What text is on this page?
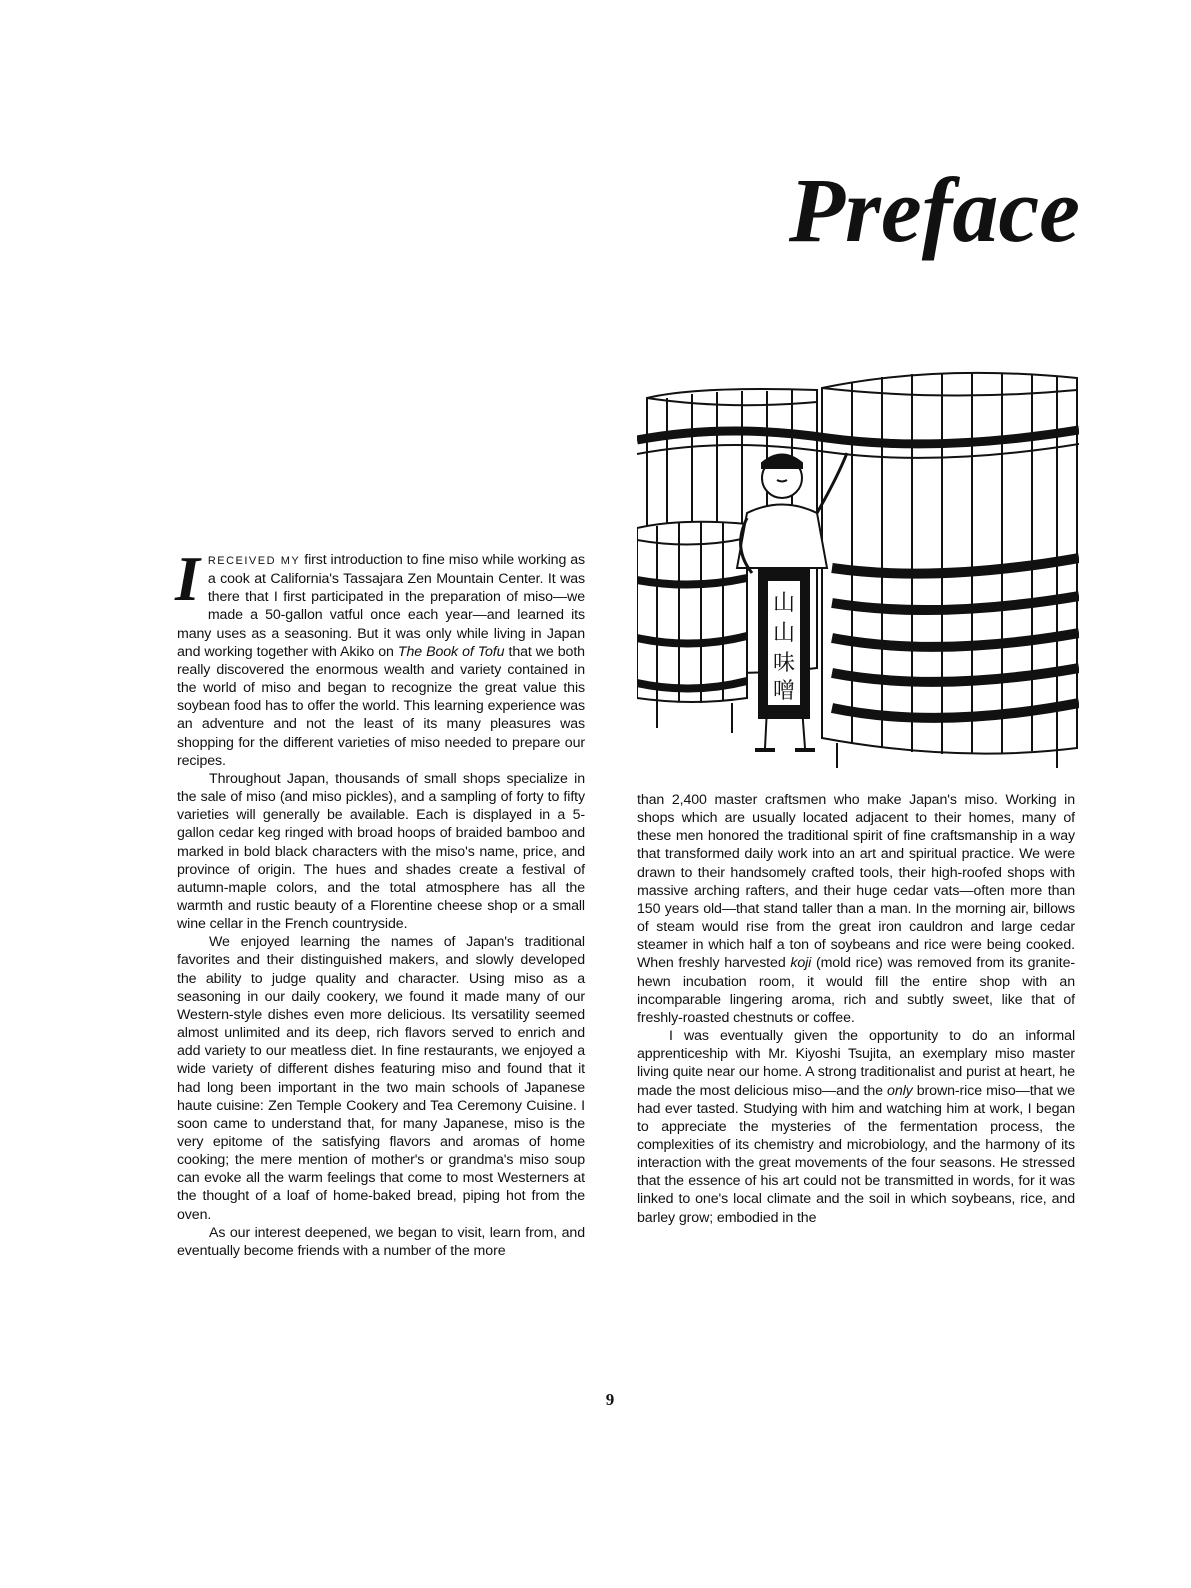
Preface
山
山
味
噌

IRECEIVED MY first introduction to fine miso while working as a cook at California's Tassajara Zen Mountain Center. It was there that I first participated in the preparation of miso—we made a 50-gallon vatful once each year—and learned its many uses as a seasoning. But it was only while living in Japan and working together with Akiko on The Book of Tofu that we both really discovered the enormous wealth and variety contained in the world of miso and began to recognize the great value this soybean food has to offer the world. This learning experience was an adventure and not the least of its many pleasures was shopping for the different varieties of miso needed to prepare our recipes.

Throughout Japan, thousands of small shops specialize in the sale of miso (and miso pickles), and a sampling of forty to fifty varieties will generally be available. Each is displayed in a 5-gallon cedar keg ringed with broad hoops of braided bamboo and marked in bold black characters with the miso's name, price, and province of origin. The hues and shades create a festival of autumn-maple colors, and the total atmosphere has all the warmth and rustic beauty of a Florentine cheese shop or a small wine cellar in the French countryside.

We enjoyed learning the names of Japan's traditional favorites and their distinguished makers, and slowly developed the ability to judge quality and character. Using miso as a seasoning in our daily cookery, we found it made many of our Western-style dishes even more delicious. Its versatility seemed almost unlimited and its deep, rich flavors served to enrich and add variety to our meatless diet. In fine restaurants, we enjoyed a wide variety of different dishes featuring miso and found that it had long been important in the two main schools of Japanese haute cuisine: Zen Temple Cookery and Tea Ceremony Cuisine. I soon came to understand that, for many Japanese, miso is the very epitome of the satisfying flavors and aromas of home cooking; the mere mention of mother's or grandma's miso soup can evoke all the warm feelings that come to most Westerners at the thought of a loaf of home-baked bread, piping hot from the oven.

As our interest deepened, we began to visit, learn from, and eventually become friends with a number of the more

than 2,400 master craftsmen who make Japan's miso. Working in shops which are usually located adjacent to their homes, many of these men honored the traditional spirit of fine craftsmanship in a way that transformed daily work into an art and spiritual practice. We were drawn to their handsomely crafted tools, their high-roofed shops with massive arching rafters, and their huge cedar vats—often more than 150 years old—that stand taller than a man. In the morning air, billows of steam would rise from the great iron cauldron and large cedar steamer in which half a ton of soybeans and rice were being cooked. When freshly harvested koji (mold rice) was removed from its granite-hewn incubation room, it would fill the entire shop with an incomparable lingering aroma, rich and subtly sweet, like that of freshly-roasted chestnuts or coffee.

I was eventually given the opportunity to do an informal apprenticeship with Mr. Kiyoshi Tsujita, an exemplary miso master living quite near our home. A strong traditionalist and purist at heart, he made the most delicious miso—and the only brown-rice miso—that we had ever tasted. Studying with him and watching him at work, I began to appreciate the mysteries of the fermentation process, the complexities of its chemistry and microbiology, and the harmony of its interaction with the great movements of the four seasons. He stressed that the essence of his art could not be transmitted in words, for it was linked to one's local climate and the soil in which soybeans, rice, and barley grow; embodied in the

9
